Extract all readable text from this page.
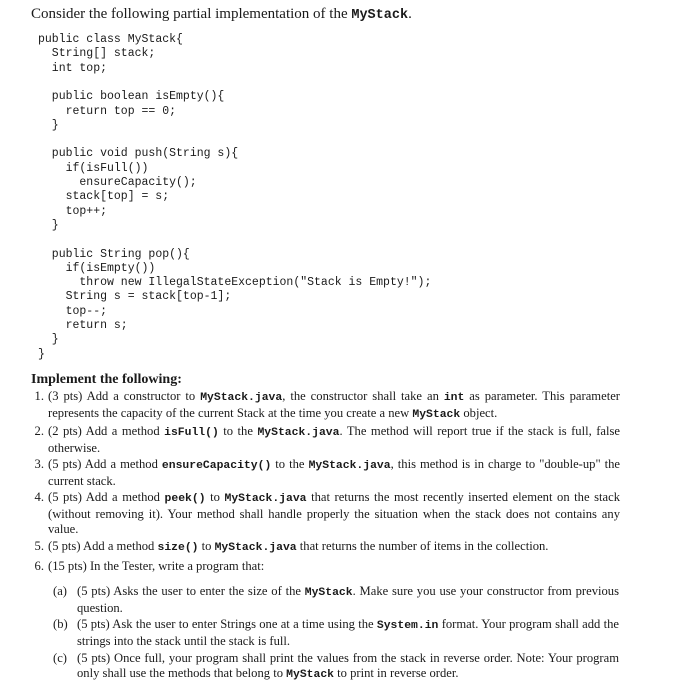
Consider the following partial implementation of the MyStack.
public class MyStack{
String[] stack;
int top;
public boolean isEmpty(){
return top == 0;
}
public void push(String s){
if(isFull())
ensureCapacity();
stack[top] = s;
top++;
}
public String pop(){
if(isEmpty())
throw new IllegalStateException("Stack is Empty!");
String s = stack[top-1];
top--;
return s;
}
}
Implement the following:
1. (3 pts) Add a constructor to MyStack.java, the constructor shall take an int as parameter. This parameter represents the capacity of the current Stack at the time you create a new MyStack object.
2. (2 pts) Add a method isFull() to the MyStack.java. The method will report true if the stack is full, false otherwise.
3. (5 pts) Add a method ensureCapacity() to the MyStack.java, this method is in charge to "double-up" the current stack.
4. (5 pts) Add a method peek() to MyStack.java that returns the most recently inserted element on the stack (without removing it). Your method shall handle properly the situation when the stack does not contains any value.
5. (5 pts) Add a method size() to MyStack.java that returns the number of items in the collection.
6. (15 pts) In the Tester, write a program that:
(a) (5 pts) Asks the user to enter the size of the MyStack. Make sure you use your constructor from previous question.
(b) (5 pts) Ask the user to enter Strings one at a time using the System.in format. Your program shall add the strings into the stack until the stack is full.
(c) (5 pts) Once full, your program shall print the values from the stack in reverse order. Note: Your program only shall use the methods that belong to MyStack to print in reverse order.
